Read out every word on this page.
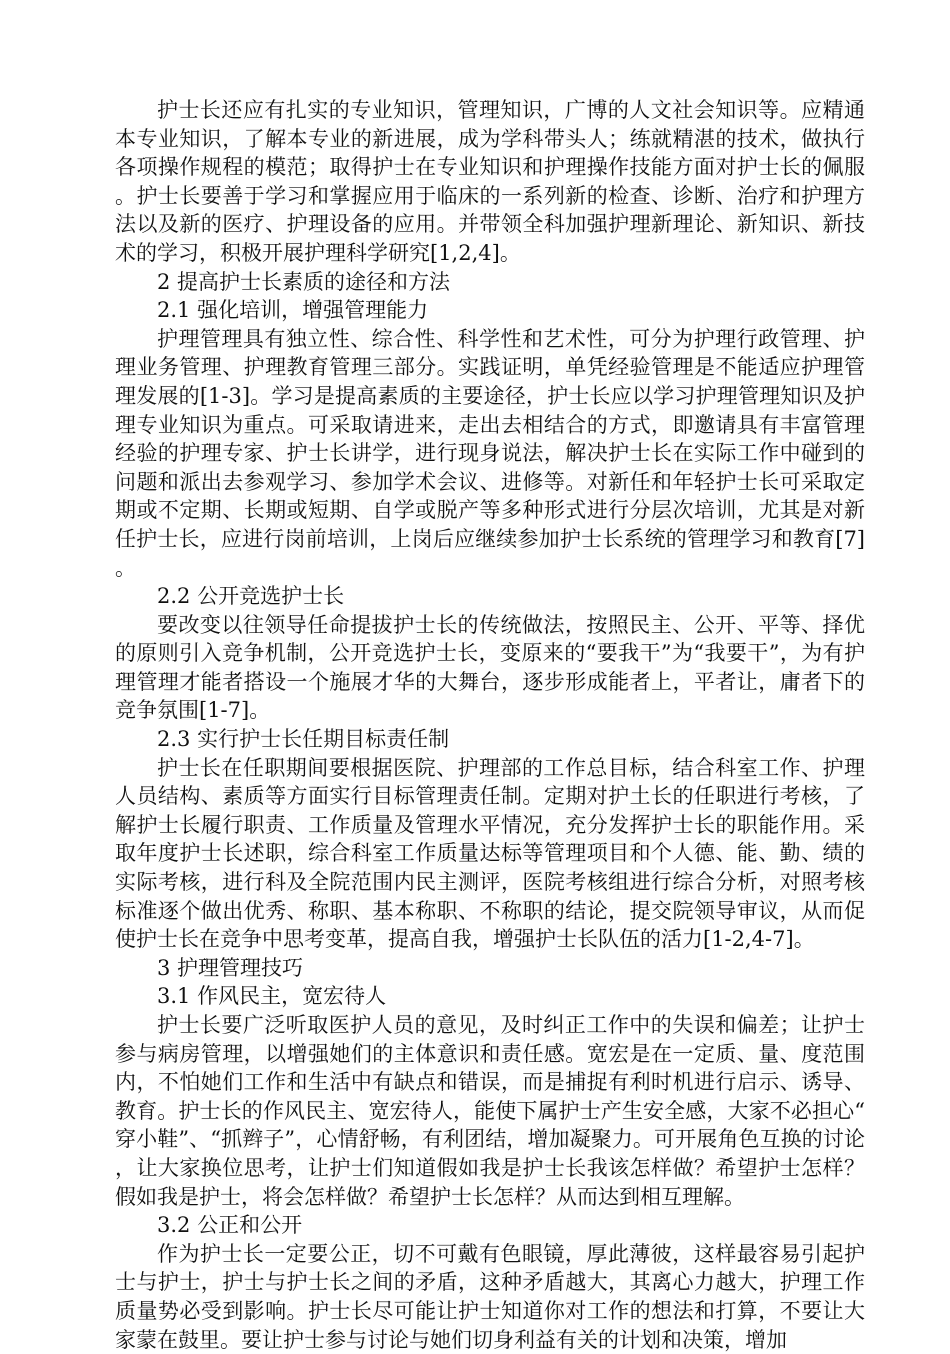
护士长还应有扎实的专业知识，管理知识，广博的人文社会知识等。应精通本专业知识，了解本专业的新进展，成为学科带头人；练就精湛的技术，做执行各项操作规程的模范；取得护士在专业知识和护理操作技能方面对护士长的佩服。护士长要善于学习和掌握应用于临床的一系列新的检查、诊断、治疗和护理方法以及新的医疗、护理设备的应用。并带领全科加强护理新理论、新知识、新技术的学习，积极开展护理科学研究[1,2,4]。

2 提高护士长素质的途径和方法

2.1 强化培训，增强管理能力

护理管理具有独立性、综合性、科学性和艺术性，可分为护理行政管理、护理业务管理、护理教育管理三部分。实践证明，单凭经验管理是不能适应护理管理发展的[1-3]。学习是提高素质的主要途径，护士长应以学习护理管理知识及护理专业知识为重点。可采取请进来，走出去相结合的方式，即邀请具有丰富管理经验的护理专家、护士长讲学，进行现身说法，解决护士长在实际工作中碰到的问题和派出去参观学习、参加学术会议、进修等。对新任和年轻护士长可采取定期或不定期、长期或短期、自学或脱产等多种形式进行分层次培训，尤其是对新任护士长，应进行岗前培训，上岗后应继续参加护士长系统的管理学习和教育[7]。

2.2 公开竞选护士长

要改变以往领导任命提拔护士长的传统做法，按照民主、公开、平等、择优的原则引入竞争机制，公开竞选护士长，变原来的“要我干”为“我要干”，为有护理管理才能者搭设一个施展才华的大舞台，逐步形成能者上，平者让，庸者下的竞争氛围[1-7]。

2.3 实行护士长任期目标责任制

护士长在任职期间要根据医院、护理部的工作总目标，结合科室工作、护理人员结构、素质等方面实行目标管理责任制。定期对护土长的任职进行考核，了解护士长履行职责、工作质量及管理水平情况，充分发挥护士长的职能作用。采取年度护士长述职，综合科室工作质量达标等管理项目和个人德、能、勤、绩的实际考核，进行科及全院范围内民主测评，医院考核组进行综合分析，对照考核标准逐个做出优秀、称职、基本称职、不称职的结论，提交院领导审议，从而促使护士长在竞争中思考变革，提高自我，增强护士长队伍的活力[1-2,4-7]。

3 护理管理技巧

3.1 作风民主，宽宏待人

护士长要广泛听取医护人员的意见，及时纠正工作中的失误和偏差；让护士参与病房管理，以增强她们的主体意识和责任感。宽宏是在一定质、量、度范围内，不怕她们工作和生活中有缺点和错误，而是捕捉有利时机进行启示、诱导、教育。护士长的作风民主、宽宏待人，能使下属护士产生安全感，大家不必担心“穿小鞋”、“抓辫子”，心情舒畅，有利团结，增加凝聚力。可开展角色互换的讨论，让大家换位思考，让护士们知道假如我是护士长我该怎样做？希望护士怎样？假如我是护士，将会怎样做？希望护士长怎样？从而达到相互理解。

3.2 公正和公开

作为护士长一定要公正，切不可戴有色眼镜，厚此薄彼，这样最容易引起护士与护士，护士与护士长之间的矛盾，这种矛盾越大，其离心力越大，护理工作质量势必受到影响。护士长尽可能让护士知道你对工作的想法和打算，不要让大家蒙在鼓里。要让护士参与讨论与她们切身利益有关的计划和决策，增加
